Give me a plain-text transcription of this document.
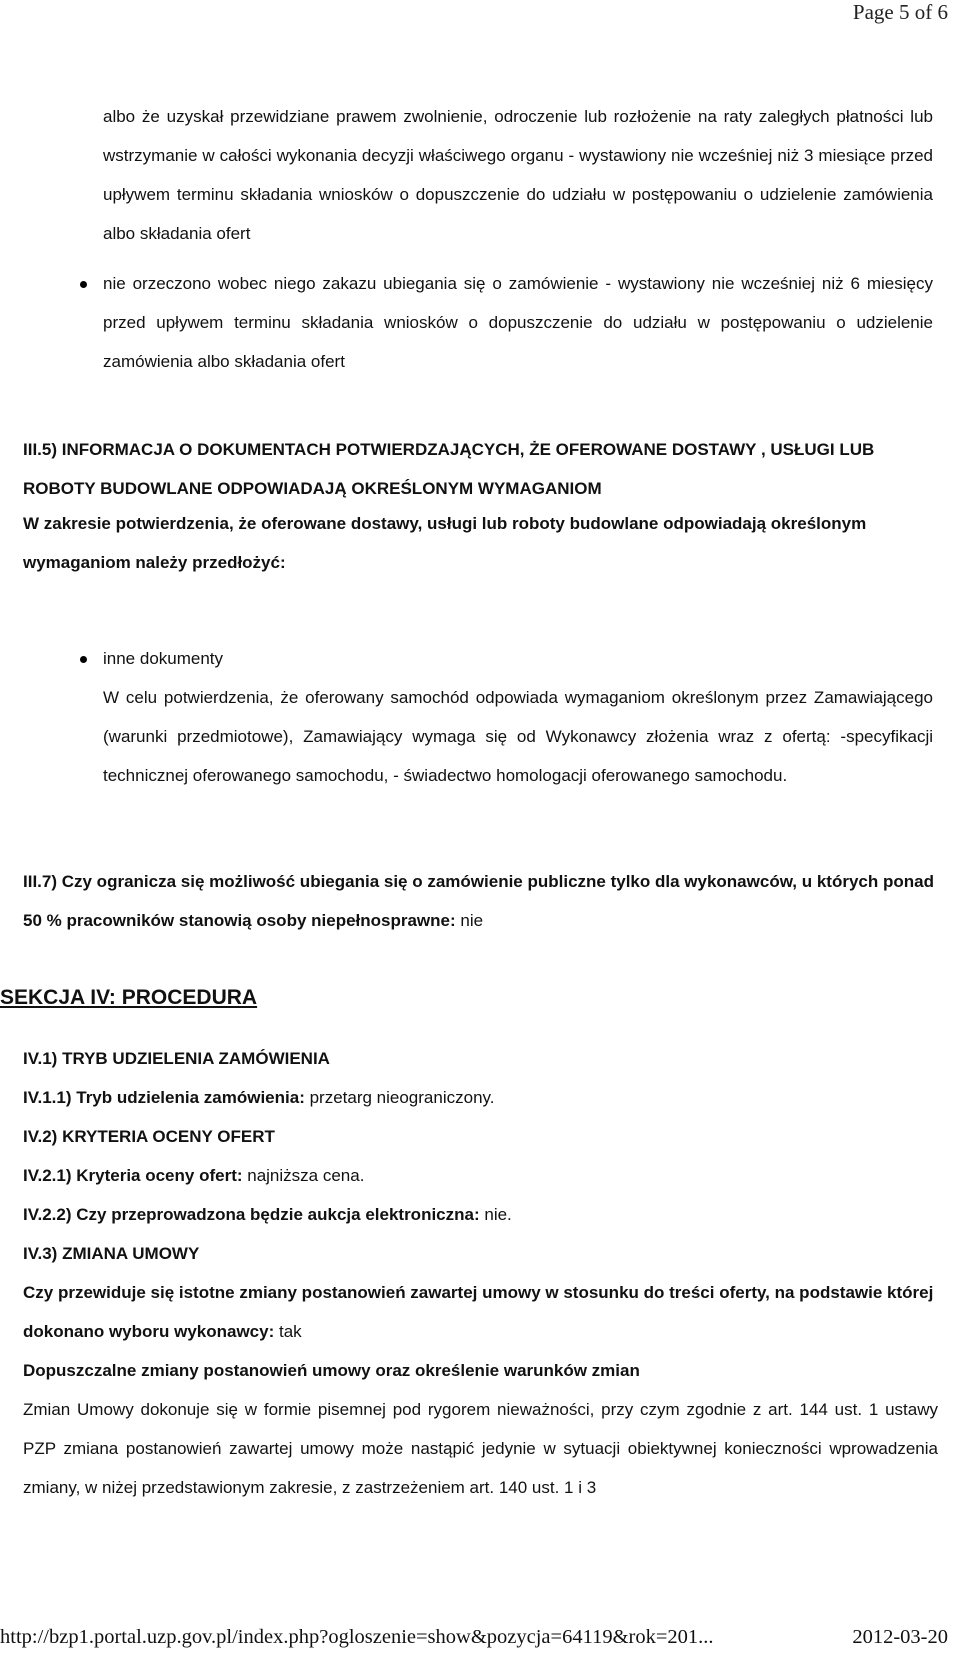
Page 5 of 6

albo że uzyskał przewidziane prawem zwolnienie, odroczenie lub rozłożenie na raty zaległych płatności lub wstrzymanie w całości wykonania decyzji właściwego organu - wystawiony nie wcześniej niż 3 miesiące przed upływem terminu składania wniosków o dopuszczenie do udziału w postępowaniu o udzielenie zamówienia albo składania ofert

nie orzeczono wobec niego zakazu ubiegania się o zamówienie - wystawiony nie wcześniej niż 6 miesięcy przed upływem terminu składania wniosków o dopuszczenie do udziału w postępowaniu o udzielenie zamówienia albo składania ofert

III.5) INFORMACJA O DOKUMENTACH POTWIERDZAJĄCYCH, ŻE OFEROWANE DOSTAWY , USŁUGI LUB ROBOTY BUDOWLANE ODPOWIADAJĄ OKREŚLONYM WYMAGANIOM
W zakresie potwierdzenia, że oferowane dostawy, usługi lub roboty budowlane odpowiadają określonym wymaganiom należy przedłożyć:
inne dokumenty

W celu potwierdzenia, że oferowany samochód odpowiada wymaganiom określonym przez Zamawiającego (warunki przedmiotowe), Zamawiający wymaga się od Wykonawcy złożenia wraz z ofertą: -specyfikacji technicznej oferowanego samochodu, - świadectwo homologacji oferowanego samochodu.

III.7) Czy ogranicza się możliwość ubiegania się o zamówienie publiczne tylko dla wykonawców, u których ponad 50 % pracowników stanowią osoby niepełnosprawne: nie
SEKCJA IV: PROCEDURA
IV.1) TRYB UDZIELENIA ZAMÓWIENIA
IV.1.1) Tryb udzielenia zamówienia: przetarg nieograniczony.
IV.2) KRYTERIA OCENY OFERT
IV.2.1) Kryteria oceny ofert: najniższa cena.
IV.2.2) Czy przeprowadzona będzie aukcja elektroniczna: nie.
IV.3) ZMIANA UMOWY
Czy przewiduje się istotne zmiany postanowień zawartej umowy w stosunku do treści oferty, na podstawie której dokonano wyboru wykonawcy: tak
Dopuszczalne zmiany postanowień umowy oraz określenie warunków zmian

Zmian Umowy dokonuje się w formie pisemnej pod rygorem nieważności, przy czym zgodnie z art. 144 ust. 1 ustawy PZP zmiana postanowień zawartej umowy może nastąpić jedynie w sytuacji obiektywnej konieczności wprowadzenia zmiany, w niżej przedstawionym zakresie, z zastrzeżeniem art. 140 ust. 1 i 3

http://bzp1.portal.uzp.gov.pl/index.php?ogloszenie=show&pozycja=64119&rok=201...	2012-03-20
